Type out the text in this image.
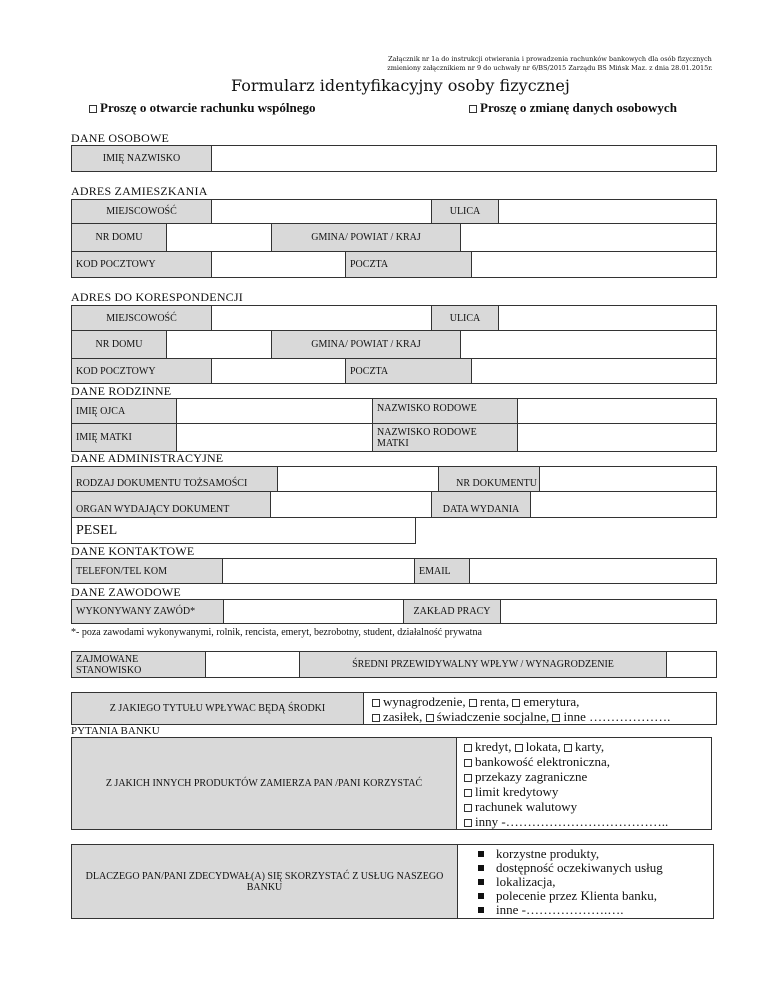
Załącznik nr 1a do instrukcji otwierania i prowadzenia rachunków bankowych dla osób fizycznych
zmieniony załącznikiem nr 9 do uchwały nr 6/BS/2015 Zarządu BS Mińsk Maz. z dnia 28.01.2015r.
Formularz identyfikacyjny osoby fizycznej
Proszę o otwarcie rachunku wspólnego	Proszę o zmianę danych osobowych
DANE OSOBOWE
IMIĘ NAZWISKO
ADRES ZAMIESZKANIA
MIEJSCOWOŚĆ	ULICA
NR DOMU	GMINA/ POWIAT / KRAJ
KOD POCZTOWY	POCZTA
ADRES DO KORESPONDENCJI
MIEJSCOWOŚĆ	ULICA
NR DOMU	GMINA/ POWIAT / KRAJ
KOD POCZTOWY	POCZTA
DANE RODZINNE
IMIĘ OJCA	NAZWISKO RODOWE
IMIĘ MATKI	NAZWISKO RODOWE
MATKI
DANE ADMINISTRACYJNE
RODZAJ DOKUMENTU TOŻSAMOŚCI	NR DOKUMENTU
ORGAN WYDAJĄCY DOKUMENT	DATA WYDANIA
PESEL
DANE KONTAKTOWE
TELEFON/TEL KOM	EMAIL
DANE ZAWODOWE
WYKONYWANY ZAWÓD*	ZAKŁAD PRACY
*- poza zawodami wykonywanymi, rolnik, rencista, emeryt, bezrobotny, student, działalność prywatna
ZAJMOWANE STANOWISKO	ŚREDNI PRZEWIDYWALNY WPŁYW / WYNAGRODZENIE
Z JAKIEGO TYTUŁU WPŁYWAC BĘDĄ ŚRODKI	wynagrodzenie, renta, emerytura,
zasiłek, świadczenie socjalne, inne ……………….
PYTANIA BANKU
Z JAKICH INNYCH PRODUKTÓW ZAMIERZA PAN /PANI KORZYSTAĆ
kredyt, lokata, karty,
bankowość elektroniczna,
przekazy zagraniczne
limit kredytowy
rachunek walutowy
inny -………………………………..
DLACZEGO PAN/PANI ZDECYDWAŁ(A) SIĘ SKORZYSTAĆ Z USŁUG NASZEGO BANKU
korzystne produkty,
dostępność oczekiwanych usług
lokalizacja,
polecenie przez Klienta banku,
inne -……………….….
